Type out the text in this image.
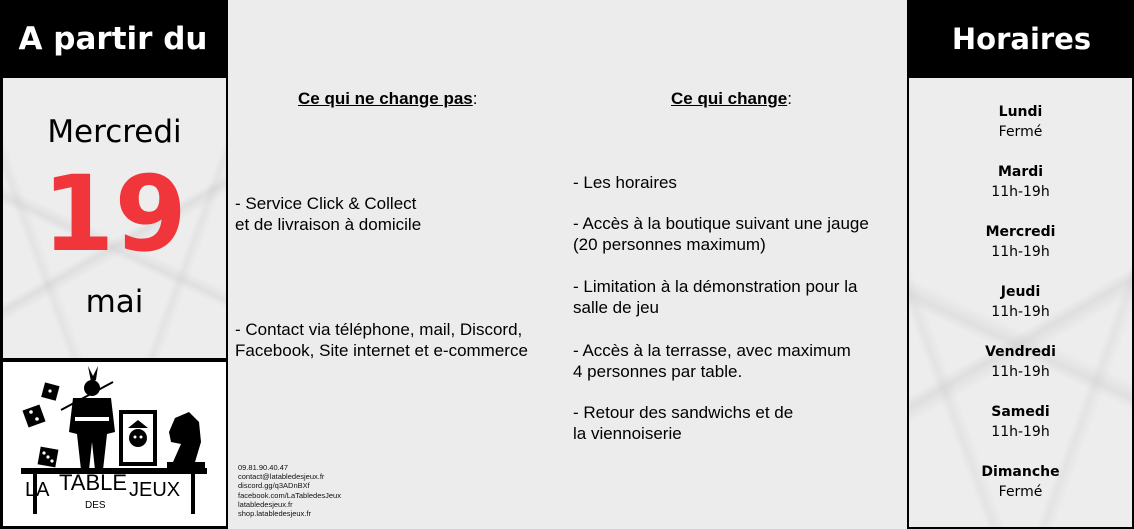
A partir du
Mercredi
19
mai
LA TABLE
DES
JEUX
Ce qui ne change pas:	Ce qui change:
- Service Click & Collect
et de livraison à domicile
- Contact via téléphone, mail, Discord,
Facebook, Site internet et e-commerce
- Les horaires
- Accès à la boutique suivant une jauge
(20 personnes maximum)
- Limitation à la démonstration pour la
salle de jeu
- Accès à la terrasse, avec maximum
4 personnes par table.
- Retour des sandwichs et de
la viennoiserie
09.81.90.40.47
contact@latabledesjeux.fr
discord.gg/q3ADnBXf
facebook.com/LaTabledesJeux
latabledesjeux.fr
shop.latabledesjeux.fr
Horaires
Lundi
Fermé
Mardi
11h-19h
Mercredi
11h-19h
Jeudi
11h-19h
Vendredi
11h-19h
Samedi
11h-19h
Dimanche
Fermé
